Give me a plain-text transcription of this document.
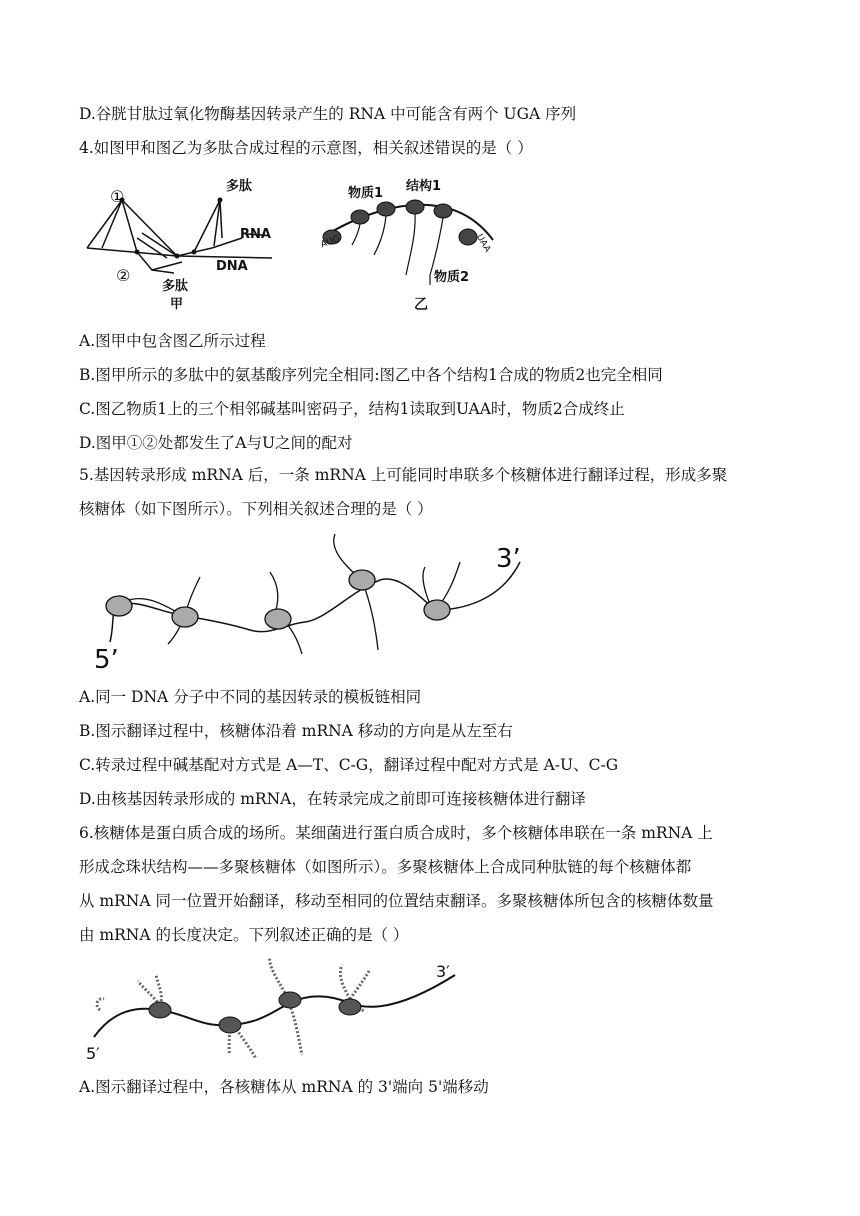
D.谷胱甘肽过氧化物酶基因转录产生的 RNA 中可能含有两个 UGA 序列
4.如图甲和图乙为多肽合成过程的示意图，相关叙述错误的是（ ）
①
②
多肽
RNA
DNA
多肽
甲
AUG	UAA
物质1 结构1
物质2
乙
A.图甲中包含图乙所示过程
B.图甲所示的多肽中的氨基酸序列完全相同:图乙中各个结构1合成的物质2也完全相同
C.图乙物质1上的三个相邻碱基叫密码子，结构1读取到UAA时，物质2合成终止
D.图甲①②处都发生了A与U之间的配对
5.基因转录形成 mRNA 后，一条 mRNA 上可能同时串联多个核糖体进行翻译过程，形成多聚
核糖体（如下图所示）。下列相关叙述合理的是（ ）
3’
5’
A.同一 DNA 分子中不同的基因转录的模板链相同
B.图示翻译过程中，核糖体沿着 mRNA 移动的方向是从左至右
C.转录过程中碱基配对方式是 A—T、C-G，翻译过程中配对方式是 A-U、C-G
D.由核基因转录形成的 mRNA，在转录完成之前即可连接核糖体进行翻译
6.核糖体是蛋白质合成的场所。某细菌进行蛋白质合成时，多个核糖体串联在一条 mRNA 上
形成念珠状结构——多聚核糖体（如图所示）。多聚核糖体上合成同种肽链的每个核糖体都
从 mRNA 同一位置开始翻译，移动至相同的位置结束翻译。多聚核糖体所包含的核糖体数量
由 mRNA 的长度决定。下列叙述正确的是（ ）
3′
5′
A.图示翻译过程中，各核糖体从 mRNA 的 3'端向 5'端移动
